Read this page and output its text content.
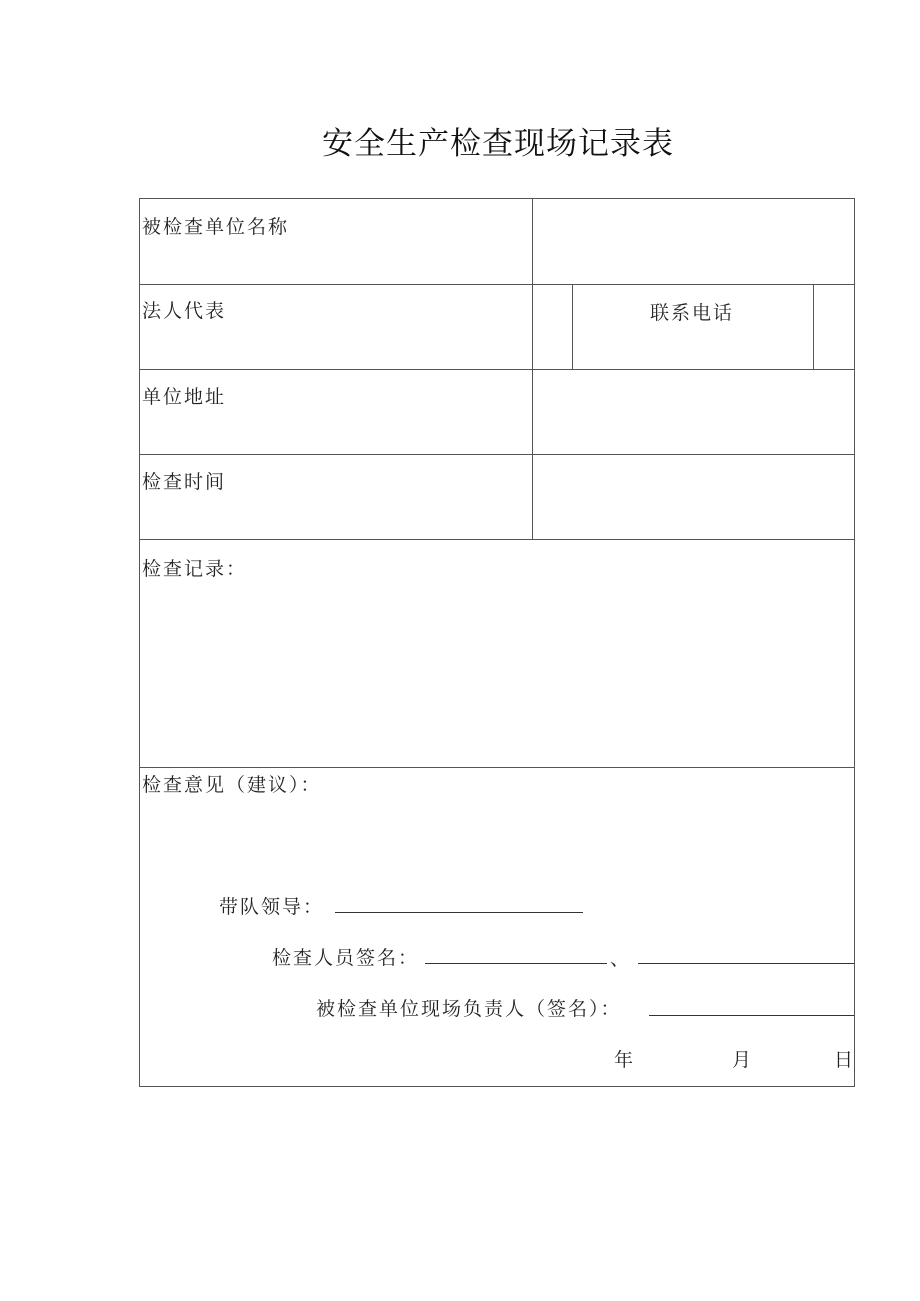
安全生产检查现场记录表
被检查单位名称
法人代表	联系电话
单位地址
检查时间
检查记录：
检查意见（建议）：
带队领导：
检查人员签名：	、
被检查单位现场负责人（签名）：
年	月	日
